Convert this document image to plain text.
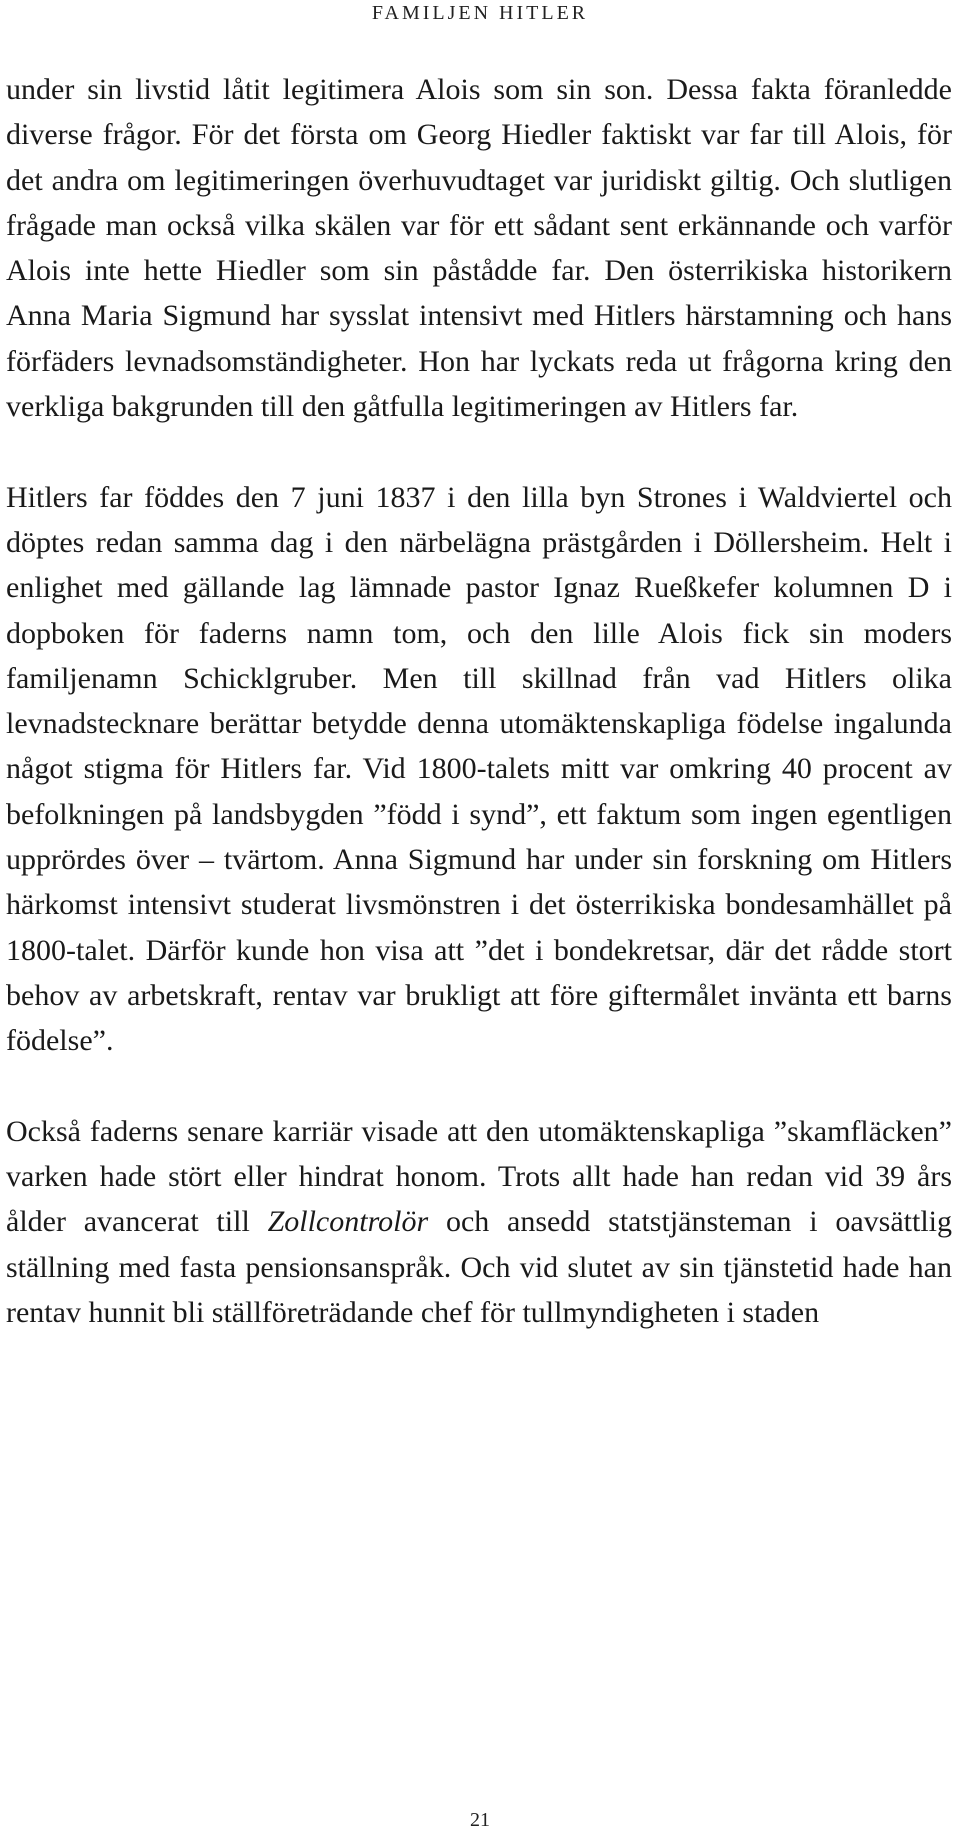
FAMILJEN HITLER

under sin livstid låtit legitimera Alois som sin son. Dessa fakta föranledde diverse frågor. För det första om Georg Hiedler faktiskt var far till Alois, för det andra om legitimeringen överhuvudtaget var juridiskt giltig. Och slutligen frågade man också vilka skälen var för ett sådant sent erkännande och varför Alois inte hette Hiedler som sin påstådde far. Den österrikiska historikern Anna Maria Sigmund har sysslat intensivt med Hitlers härstamning och hans förfäders levnadsomständigheter. Hon har lyckats reda ut frågorna kring den verkliga bakgrunden till den gåtfulla legitimeringen av Hitlers far.

Hitlers far föddes den 7 juni 1837 i den lilla byn Strones i Waldviertel och döptes redan samma dag i den närbelägna prästgården i Döllersheim. Helt i enlighet med gällande lag lämnade pastor Ignaz Rueßkefer kolumnen D i dopboken för faderns namn tom, och den lille Alois fick sin moders familjenamn Schicklgruber. Men till skillnad från vad Hitlers olika levnadstecknare berättar betydde denna utomäktenskapliga födelse ingalunda något stigma för Hitlers far. Vid 1800-talets mitt var omkring 40 procent av befolkningen på landsbygden ”född i synd”, ett faktum som ingen egentligen upprördes över – tvärtom. Anna Sigmund har under sin forskning om Hitlers härkomst intensivt studerat livsmönstren i det österrikiska bondesamhället på 1800-talet. Därför kunde hon visa att ”det i bondekretsar, där det rådde stort behov av arbetskraft, rentav var brukligt att före giftermålet invänta ett barns födelse”.

Också faderns senare karriär visade att den utomäktenskapliga ”skamfläcken” varken hade stört eller hindrat honom. Trots allt hade han redan vid 39 års ålder avancerat till Zollcontrolör och ansedd statstjänsteman i oavsättlig ställning med fasta pensionsanspråk. Och vid slutet av sin tjänstetid hade han rentav hunnit bli ställföreträdande chef för tullmyndigheten i staden

21
